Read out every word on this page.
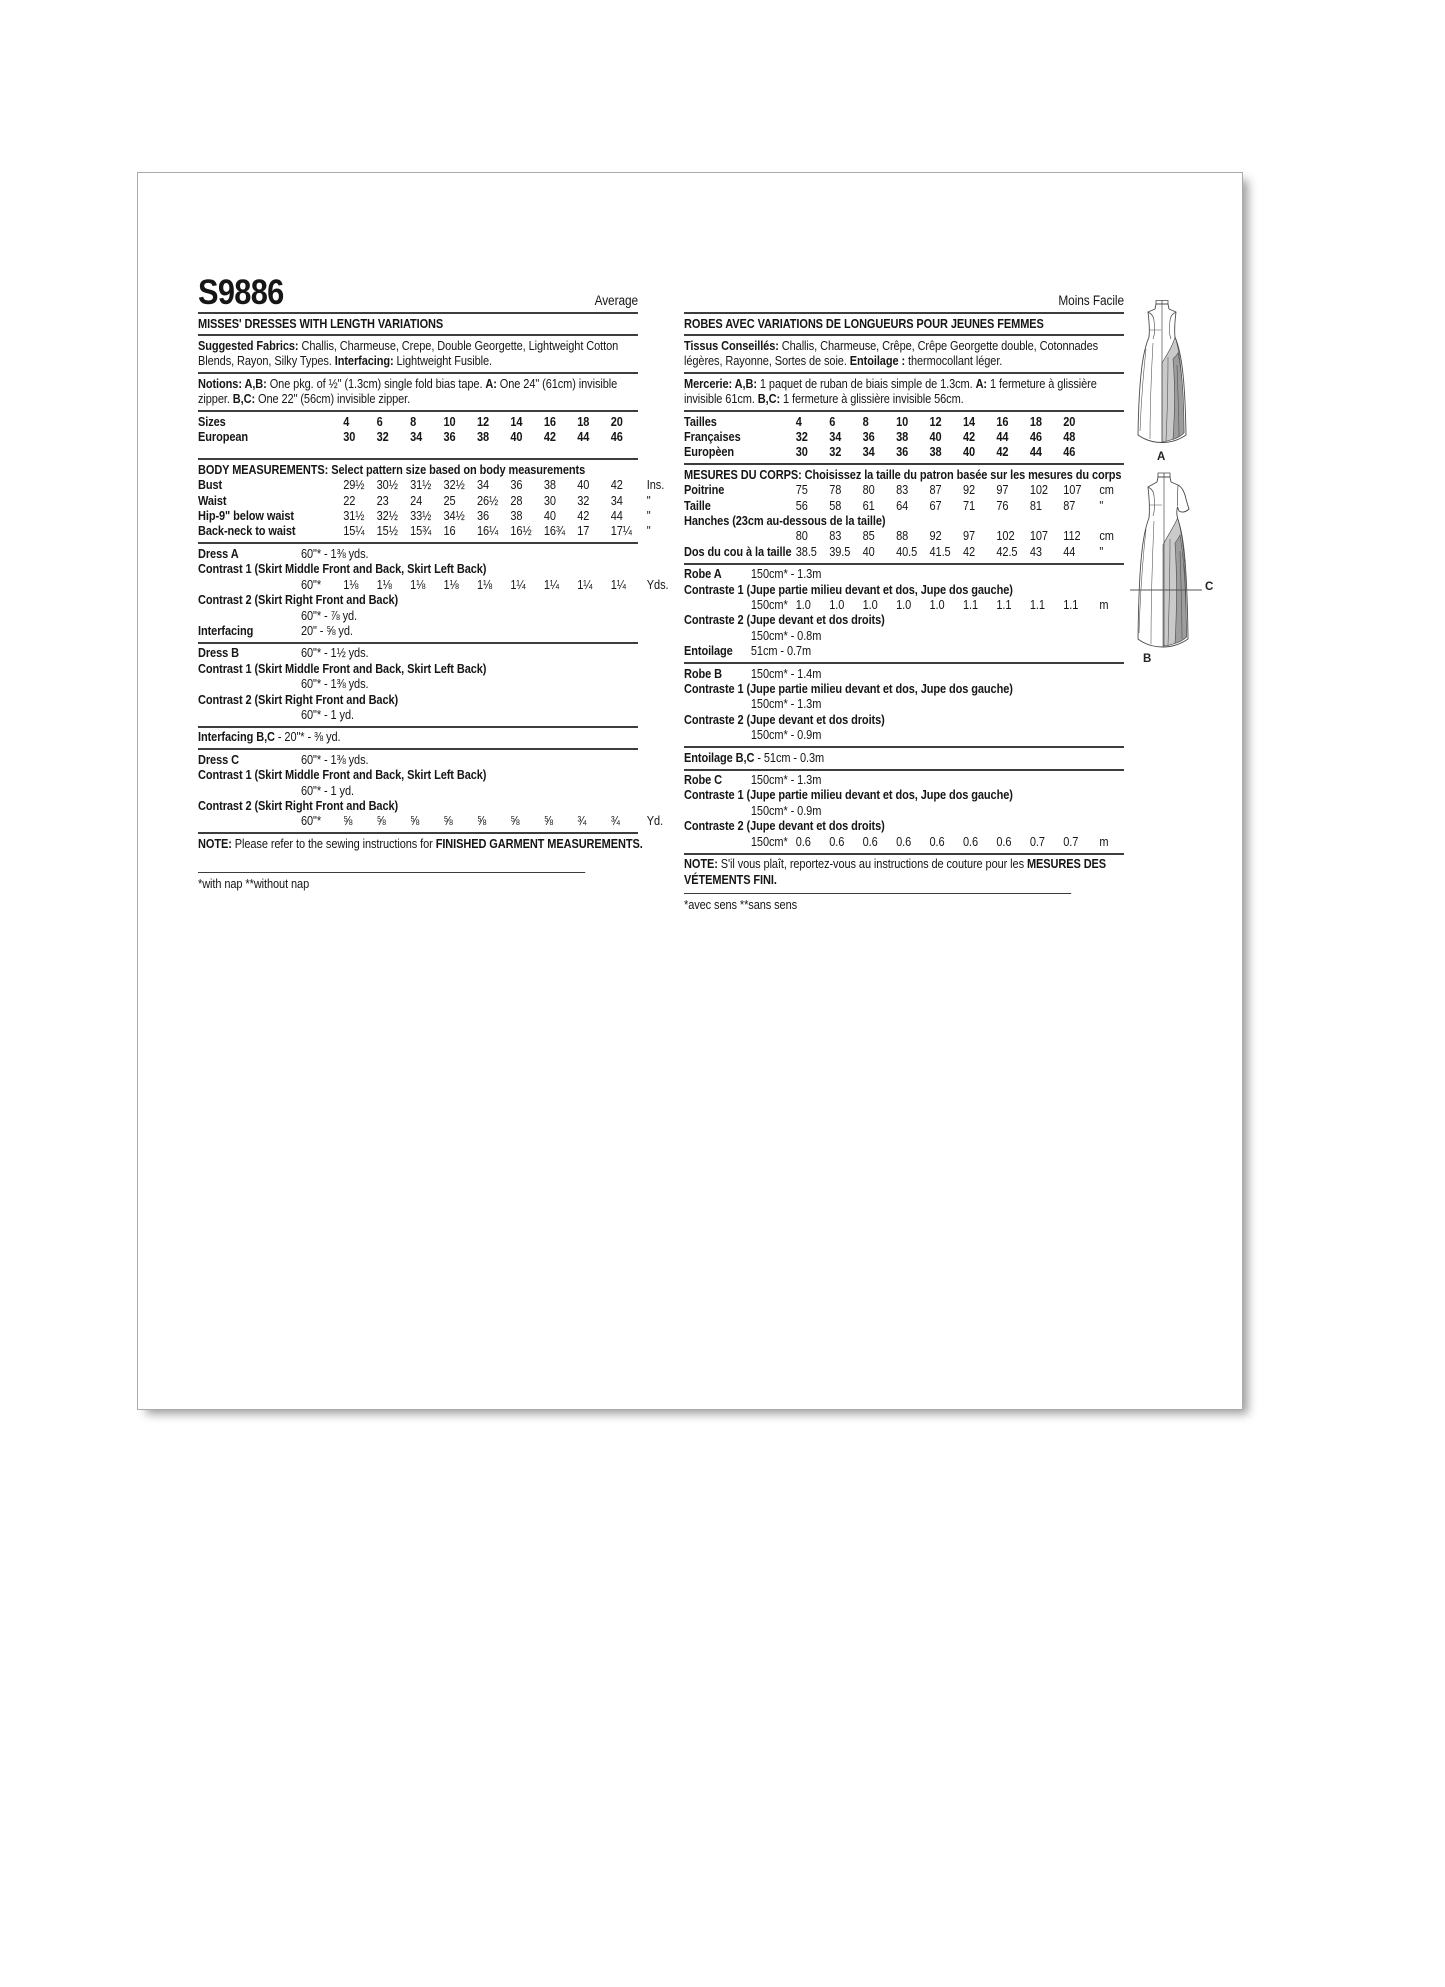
S9886	Average
MISSES' DRESSES WITH LENGTH VARIATIONS

Suggested Fabrics: Challis, Charmeuse, Crepe, Double Georgette, Lightweight Cotton Blends, Rayon, Silky Types. Interfacing: Lightweight Fusible.

Notions: A,B: One pkg. of ½" (1.3cm) single fold bias tape. A: One 24" (61cm) invisible zipper. B,C: One 22" (56cm) invisible zipper.

Sizes	4	6	8	10	12	14	16	18	20
European	30	32	34	36	38	40	42	44	46
BODY MEASUREMENTS: Select pattern size based on body measurements
Bust	29½ 30½ 31½ 32½ 34	36	38	40	42	Ins.
Waist	22	23	24	25	26½ 28	30	32	34	"
Hip-9" below waist	31½ 32½ 33½ 34½ 36	38	40	42	44	"
Back-neck to waist	15¼ 15½ 15¾ 16	16¼ 16½ 16¾ 17	17¼	"
Dress A	60"* - 1⅜ yds.
Contrast 1 (Skirt Middle Front and Back, Skirt Left Back)
60"*	1⅛	1⅛	1⅛	1⅛	1⅛	1¼	1¼	1¼	1¼	Yds.
Contrast 2 (Skirt Right Front and Back)
60"* - ⅞ yd.
Interfacing	20" - ⅝ yd.
Dress B	60"* - 1½ yds.
Contrast 1 (Skirt Middle Front and Back, Skirt Left Back)
60"* - 1⅜ yds.
Contrast 2 (Skirt Right Front and Back)
60"* - 1 yd.
Interfacing B,C - 20"* - ⅜ yd.
Dress C	60"* - 1⅜ yds.
Contrast 1 (Skirt Middle Front and Back, Skirt Left Back)
60"* - 1 yd.
Contrast 2 (Skirt Right Front and Back)
60"*	⅝	⅝	⅝	⅝	⅝	⅝	⅝	¾	¾	Yd.

NOTE: Please refer to the sewing instructions for FINISHED GARMENT MEASUREMENTS.

*with nap **without nap
Moins Facile
ROBES AVEC VARIATIONS DE LONGUEURS POUR JEUNES FEMMES

Tissus Conseillés: Challis, Charmeuse, Crêpe, Crêpe Georgette double, Cotonnades légères, Rayonne, Sortes de soie. Entoilage : thermocollant léger.

Mercerie: A,B: 1 paquet de ruban de biais simple de 1.3cm. A: 1 fermeture à glissière invisible 61cm. B,C: 1 fermeture à glissière invisible 56cm.

Tailles	4	6	8	10	12	14	16	18	20
Françaises	32	34	36	38	40	42	44	46	48
Europèen	30	32	34	36	38	40	42	44	46
MESURES DU CORPS: Choisissez la taille du patron basée sur les mesures du corps
Poitrine	75	78	80	83	87	92	97	102	107	cm
Taille	56	58	61	64	67	71	76	81	87	"
Hanches (23cm au-dessous de la taille)
80	83	85	88	92	97	102	107	112	cm
Dos du cou à la taille 38.5 39.5 40	40.5 41.5 42	42.5 43	44	"
Robe A	150cm* - 1.3m
Contraste 1 (Jupe partie milieu devant et dos, Jupe dos gauche)
150cm* 1.0	1.0	1.0	1.0	1.0	1.1	1.1	1.1	1.1	m
Contraste 2 (Jupe devant et dos droits)
150cm* - 0.8m
Entoilage	51cm - 0.7m
Robe B	150cm* - 1.4m
Contraste 1 (Jupe partie milieu devant et dos, Jupe dos gauche)
150cm* - 1.3m
Contraste 2 (Jupe devant et dos droits)
150cm* - 0.9m
Entoilage B,C - 51cm - 0.3m
Robe C	150cm* - 1.3m
Contraste 1 (Jupe partie milieu devant et dos, Jupe dos gauche)
150cm* - 0.9m
Contraste 2 (Jupe devant et dos droits)
150cm* 0.6	0.6	0.6	0.6	0.6	0.6	0.6	0.7	0.7	m

NOTE: S'il vous plaît, reportez-vous au instructions de couture pour les MESURES DES VÉTEMENTS FINI.

*avec sens **sans sens
A
B
C
